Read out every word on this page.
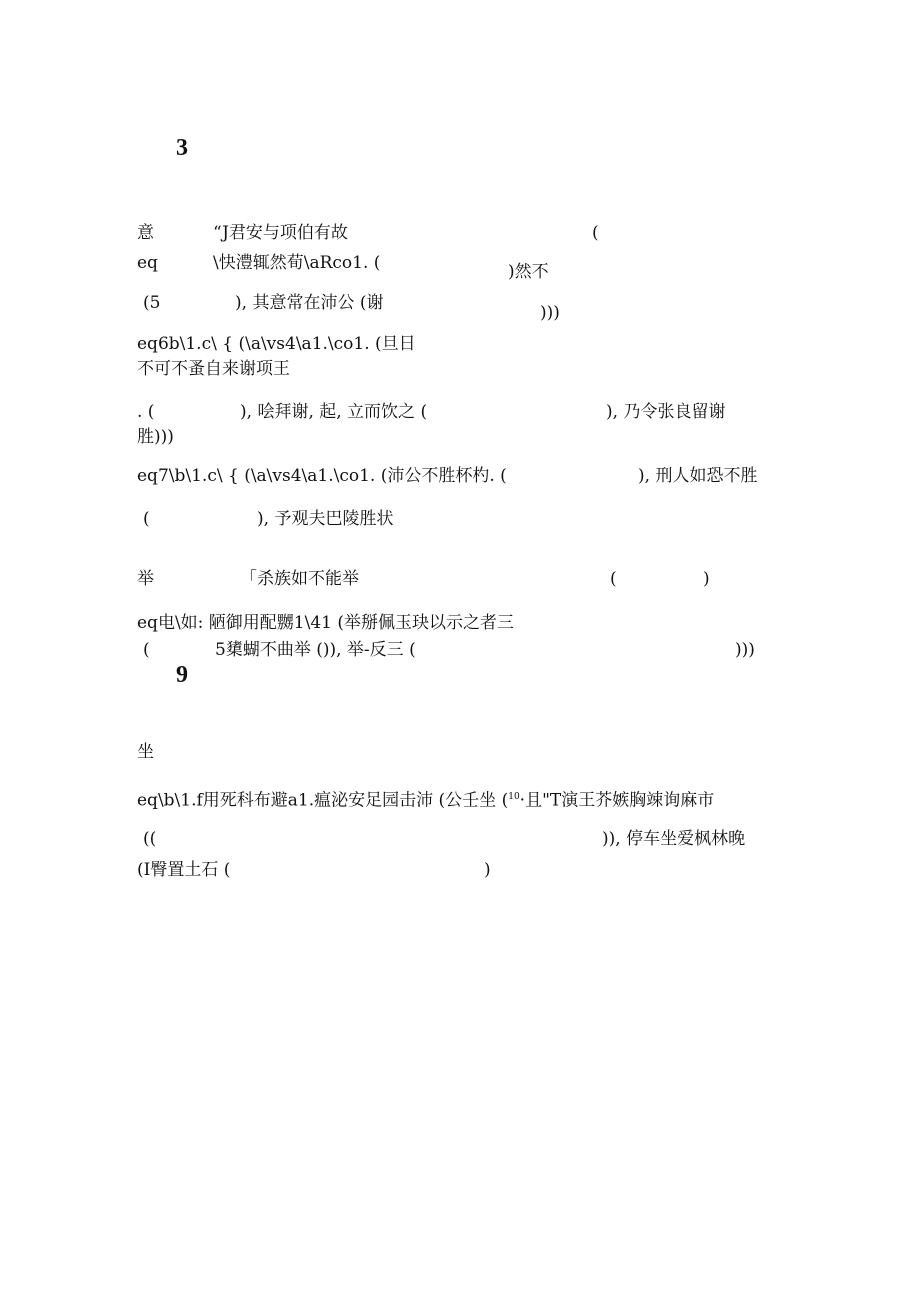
3
意	“J君安与项伯有故	(
eq	\快澧辄然荀\aRco1. (	)然不
(5	), 其意常在沛公 (谢	)))
eq6b\1.c\ { (\a\vs4\a1.\co1. (旦日
不可不蚤自来谢项王
. (	), 哙拜谢, 起, 立而饮之 (	), 乃令张良留谢
胜)))
eq7\b\1.c\ { (\a\vs4\a1.\co1. (沛公不胜杯杓. (	), 刑人如恐不胜
(	), 予观夫巴陵胜状
举	「杀族如不能举	(	)
eq电\如: 陋御用配嬲1\41 (举掰佩玉玦以示之者三
(	5橥蝴不曲举 ()), 举-反三 (	)))
9
坐
eq\b\1.f用死科布避a1.瘟泌安足园击沛 (公壬坐 ($^{10}$·且"T演王芥嫉胸竦询麻市
((	)), 停车坐爱枫林晚
(I臀置土石 (	)
